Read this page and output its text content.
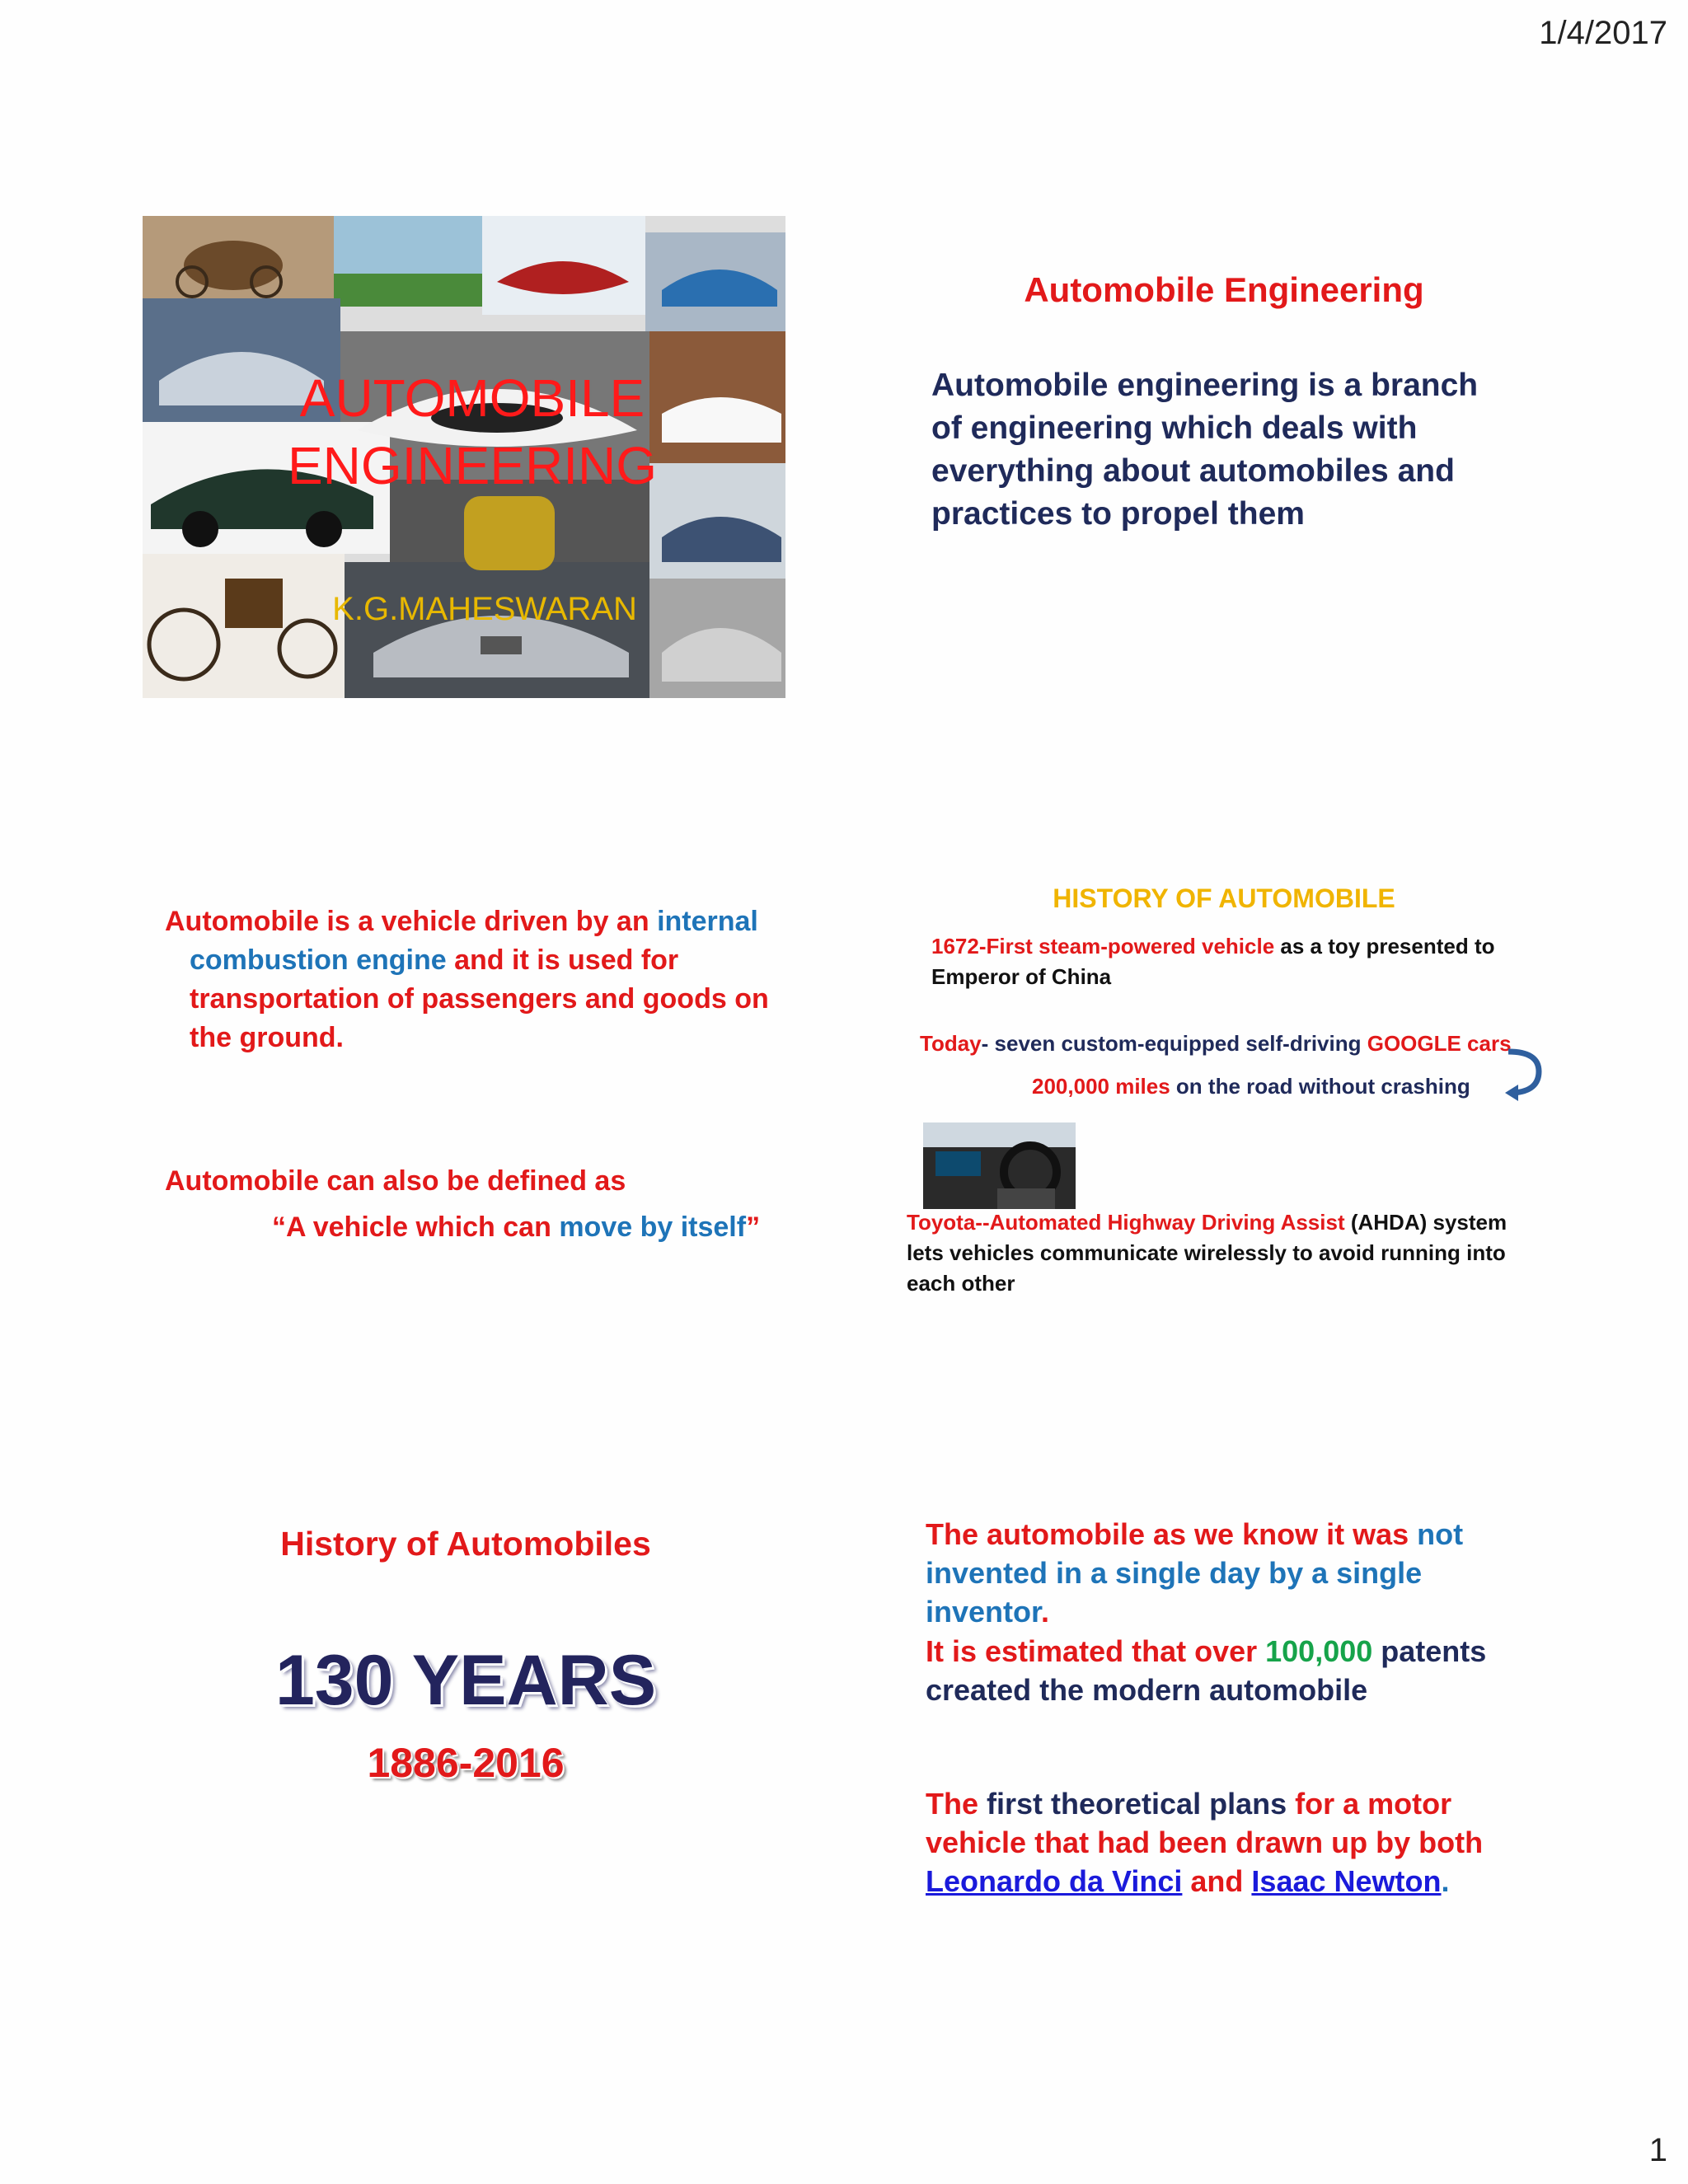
1/4/2017
AUTOMOBILE
ENGINEERING
K.G.MAHESWARAN
Automobile Engineering
Automobile engineering is a branch of engineering which deals with everything about automobiles and practices to propel them
Automobile is a vehicle driven by an internal combustion engine and it is used for transportation of passengers and goods on the ground.
Automobile can also be defined as
“A vehicle which can move by itself”
HISTORY OF AUTOMOBILE
1672-First steam-powered vehicle as a toy presented to Emperor of China
Today- seven custom-equipped self-driving GOOGLE cars
200,000 miles on the road without crashing
Toyota--Automated Highway Driving Assist (AHDA) system lets vehicles communicate wirelessly to avoid running into each other
History of Automobiles
130 YEARS
1886-2016
The automobile as we know it was not invented in a single day by a single inventor.
It is estimated that over 100,000 patents created the modern automobile
The first theoretical plans for a motor vehicle that had been drawn up by both Leonardo da Vinci and Isaac Newton.
1
